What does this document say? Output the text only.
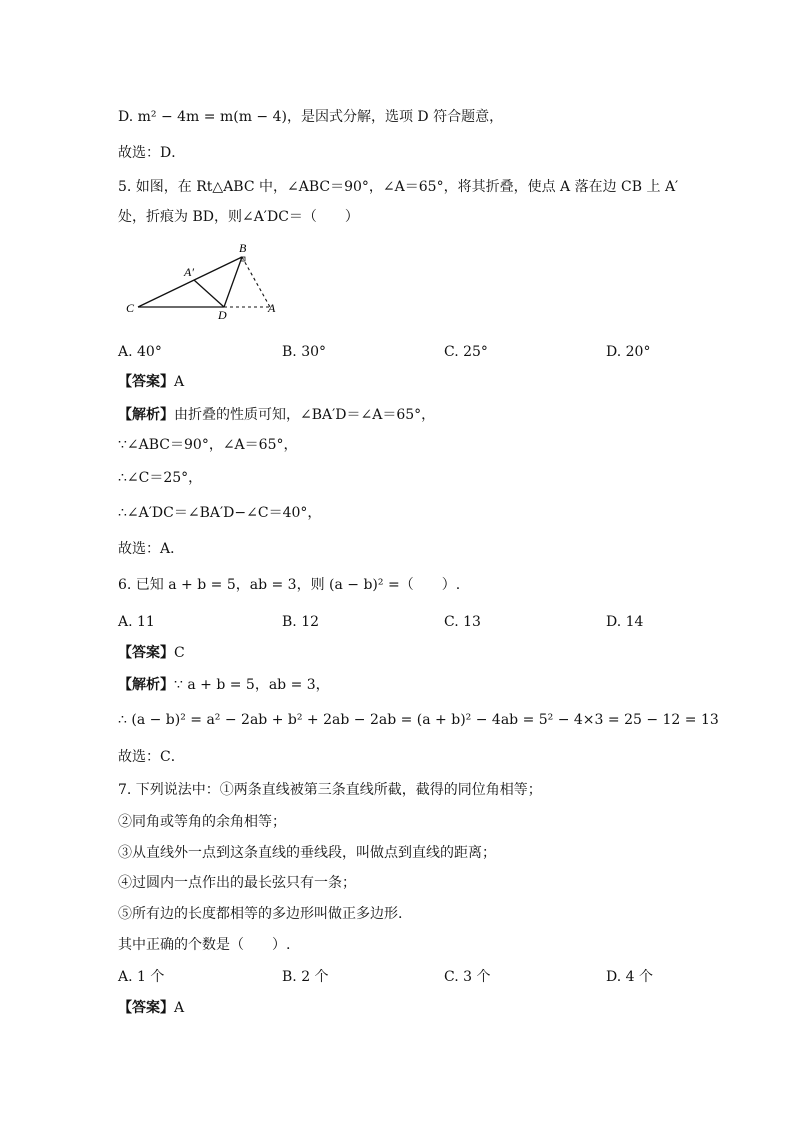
D. m² − 4m = m(m − 4)，是因式分解，选项 D 符合题意，
故选：D．
5. 如图，在 Rt△ABC 中，∠ABC＝90°，∠A＝65°，将其折叠，使点 A 落在边 CB 上 A′
处，折痕为 BD，则∠A′DC＝（　　）
B
A′
C	D	A
A. 40°	B. 30°	C. 25°	D. 20°
【答案】A
【解析】由折叠的性质可知，∠BA′D＝∠A＝65°，
∵∠ABC＝90°，∠A＝65°，
∴∠C＝25°，
∴∠A′DC＝∠BA′D−∠C＝40°，
故选：A．
6. 已知 a + b = 5，ab = 3，则 (a − b)² =（　　）.
A. 11	B. 12	C. 13	D. 14
【答案】C
【解析】∵ a + b = 5，ab = 3，
∴ (a − b)² = a² − 2ab + b² + 2ab − 2ab = (a + b)² − 4ab = 5² − 4×3 = 25 − 12 = 13
故选：C．
7. 下列说法中：①两条直线被第三条直线所截，截得的同位角相等；
②同角或等角的余角相等；
③从直线外一点到这条直线的垂线段，叫做点到直线的距离；
④过圆内一点作出的最长弦只有一条；
⑤所有边的长度都相等的多边形叫做正多边形.
其中正确的个数是（　　）.
A. 1 个	B. 2 个	C. 3 个	D. 4 个
【答案】A
